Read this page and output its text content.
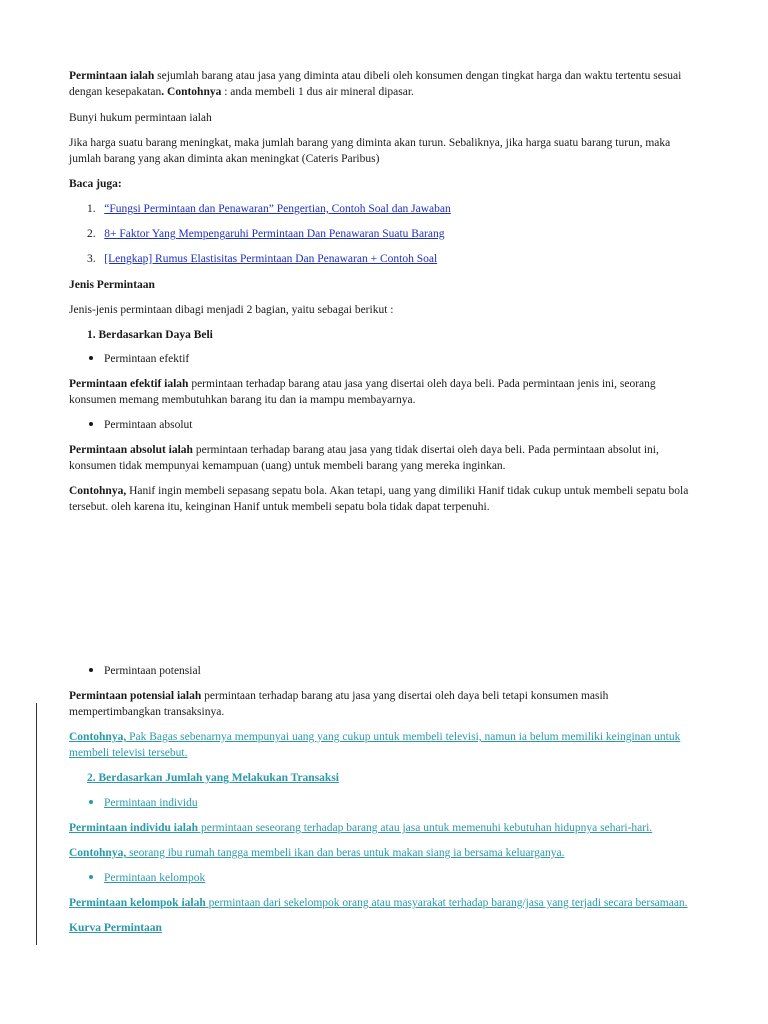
Permintaan ialah sejumlah barang atau jasa yang diminta atau dibeli oleh konsumen dengan tingkat harga dan waktu tertentu sesuai
dengan kesepakatan. Contohnya : anda membeli 1 dus air mineral dipasar.
Bunyi hukum permintaan ialah
Jika harga suatu barang meningkat, maka jumlah barang yang diminta akan turun. Sebaliknya, jika harga suatu barang turun, maka
jumlah barang yang akan diminta akan meningkat (Cateris Paribus)
Baca juga:
1. “Fungsi Permintaan dan Penawaran” Pengertian, Contoh Soal dan Jawaban
2. 8+ Faktor Yang Mempengaruhi Permintaan Dan Penawaran Suatu Barang
3. [Lengkap] Rumus Elastisitas Permintaan Dan Penawaran + Contoh Soal
Jenis Permintaan
Jenis-jenis permintaan dibagi menjadi 2 bagian, yaitu sebagai berikut :
1. Berdasarkan Daya Beli
Permintaan efektif
Permintaan efektif ialah permintaan terhadap barang atau jasa yang disertai oleh daya beli. Pada permintaan jenis ini, seorang
konsumen memang membutuhkan barang itu dan ia mampu membayarnya.
Permintaan absolut
Permintaan absolut ialah permintaan terhadap barang atau jasa yang tidak disertai oleh daya beli. Pada permintaan absolut ini,
konsumen tidak mempunyai kemampuan (uang) untuk membeli barang yang mereka inginkan.
Contohnya, Hanif ingin membeli sepasang sepatu bola. Akan tetapi, uang yang dimiliki Hanif tidak cukup untuk membeli sepatu bola
tersebut. oleh karena itu, keinginan Hanif untuk membeli sepatu bola tidak dapat terpenuhi.
Permintaan potensial
Permintaan potensial ialah permintaan terhadap barang atu jasa yang disertai oleh daya beli tetapi konsumen masih
mempertimbangkan transaksinya.
Contohnya, Pak Bagas sebenarnya mempunyai uang yang cukup untuk membeli televisi, namun ia belum memiliki keinginan untuk
membeli televisi tersebut.
2. Berdasarkan Jumlah yang Melakukan Transaksi
Permintaan individu
Permintaan individu ialah permintaan seseorang terhadap barang atau jasa untuk memenuhi kebutuhan hidupnya sehari-hari.
Contohnya, seorang ibu rumah tangga membeli ikan dan beras untuk makan siang ia bersama keluarganya.
Permintaan kelompok
Permintaan kelompok ialah permintaan dari sekelompok orang atau masyarakat terhadap barang/jasa yang terjadi secara bersamaan.
Kurva Permintaan
